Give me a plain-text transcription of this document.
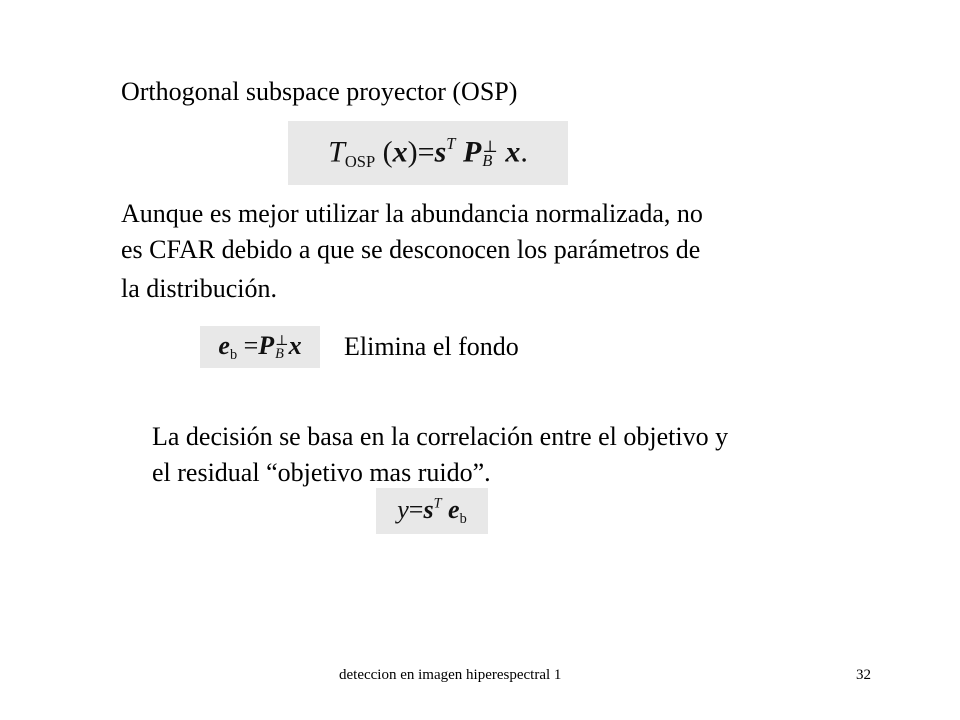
Orthogonal subspace proyector (OSP)
$T_{OSP}$ $(x)=s^T$ P ⊥
B x.
Aunque es mejor utilizar la abundancia normalizada, no
es CFAR debido a que se desconocen los parámetros de
la distribución.
$e_b =P$ ⊥
B x Elimina el fondo
La decisión se basa en la correlación entre el objetivo y
el residual “objetivo mas ruido”.
$y=s^T$ $e_b$
deteccion en imagen hiperespectral 1	32
